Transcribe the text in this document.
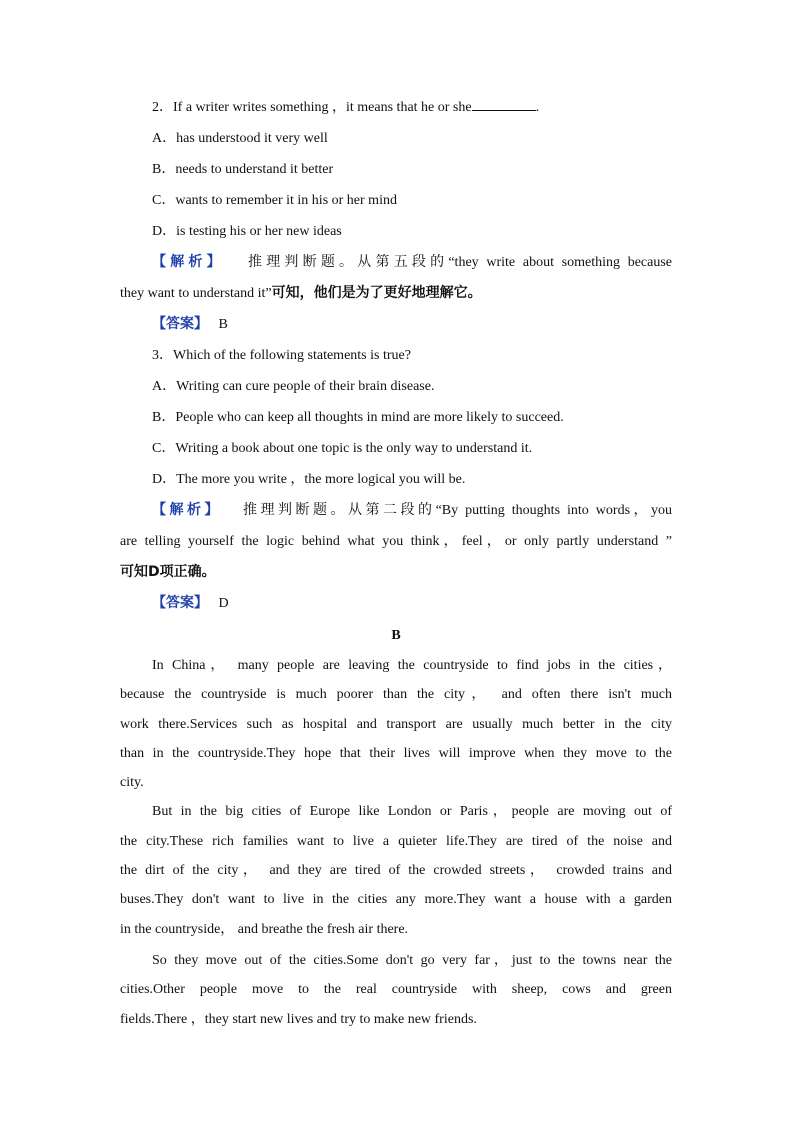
2．If a writer writes something ，it means that he or she	.
A．has understood it very well
B．needs to understand it better
C．wants to remember it in his or her mind
D．is testing his or her new ideas
【解析】 推理判断题。从第五段的“they write about something because
they want to understand it”可知，他们是为了更好地理解它。
【答案】 B
3．Which of the following statements is true?
A．Writing can cure people of their brain disease.
B．People who can keep all thoughts in mind are more likely to succeed.
C．Writing a book about one topic is the only way to understand it.
D．The more you write ，the more logical you will be.
【解析】 推理判断题。从第二段的“By putting thoughts into words，you
are telling yourself the logic behind what you think，feel，or only partly understand ”
可知D项正确。
【答案】 D
B
In China， many people are leaving the countryside to find jobs in the cities，
because the countryside is much poorer than the city， and often there isn't much
work there.Services such as hospital and transport are usually much better in the city
than in the countryside.They hope that their lives will improve when they move to the
city.
But in the big cities of Europe like London or Paris，people are moving out of
the city.These rich families want to live a quieter life.They are tired of the noise and
the dirt of the city， and they are tired of the crowded streets， crowded trains and
buses.They don't want to live in the cities any more.They want a house with a garden
in the countryside， and breathe the fresh air there.
So they move out of the cities.Some don't go very far，just to the towns near the
cities.Other people move to the real countryside with sheep, cows and green
fields.There ，they start new lives and try to make new friends.
